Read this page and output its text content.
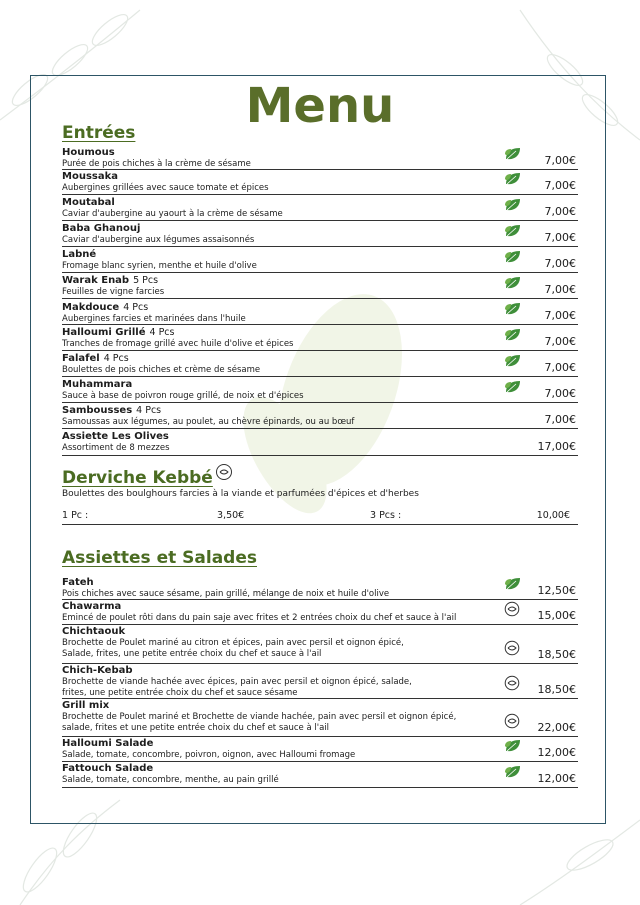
Menu
Entrées
Houmous
Purée de pois chiches à la crème de sésame	7,00€
Moussaka
Aubergines grillées avec sauce tomate et épices	7,00€
Moutabal
Caviar d'aubergine au yaourt à la crème de sésame	7,00€
Baba Ghanouj
Caviar d'aubergine aux légumes assaisonnés	7,00€
Labné
Fromage blanc syrien, menthe et huile d'olive	7,00€
Warak Enab 5 Pcs
Feuilles de vigne farcies	7,00€
Makdouce 4 Pcs
Aubergines farcies et marinées dans l'huile	7,00€
Halloumi Grillé 4 Pcs
Tranches de fromage grillé avec huile d'olive et épices	7,00€
Falafel 4 Pcs
Boulettes de pois chiches et crème de sésame	7,00€
Muhammara
Sauce à base de poivron rouge grillé, de noix et d'épices	7,00€
Sambousses 4 Pcs
Samoussas aux légumes, au poulet, au chèvre épinards, ou au bœuf	7,00€
Assiette Les Olives
Assortiment de 8 mezzes	17,00€
Derviche Kebbé
Boulettes des boulghours farcies à la viande et parfumées d'épices et d'herbes
1 Pc :	3,50€	3 Pcs :	10,00€
Assiettes et Salades
Fateh
Pois chiches avec sauce sésame, pain grillé, mélange de noix et huile d'olive	12,50€
Chawarma
Emincé de poulet rôti dans du pain saje avec frites et 2 entrées choix du chef et sauce à l'ail	15,00€
Chichtaouk
Brochette de Poulet mariné au citron et épices, pain avec persil et oignon épicé,
Salade, frites, une petite entrée choix du chef et sauce à l'ail	18,50€
Chich-Kebab
Brochette de viande hachée avec épices, pain avec persil et oignon épicé, salade,
frites, une petite entrée choix du chef et sauce sésame	18,50€
Grill mix
Brochette de Poulet mariné et Brochette de viande hachée, pain avec persil et oignon épicé,
salade, frites et une petite entrée choix du chef et sauce à l'ail	22,00€
Halloumi Salade
Salade, tomate, concombre, poivron, oignon, avec Halloumi fromage	12,00€
Fattouch Salade
Salade, tomate, concombre, menthe, au pain grillé	12,00€
